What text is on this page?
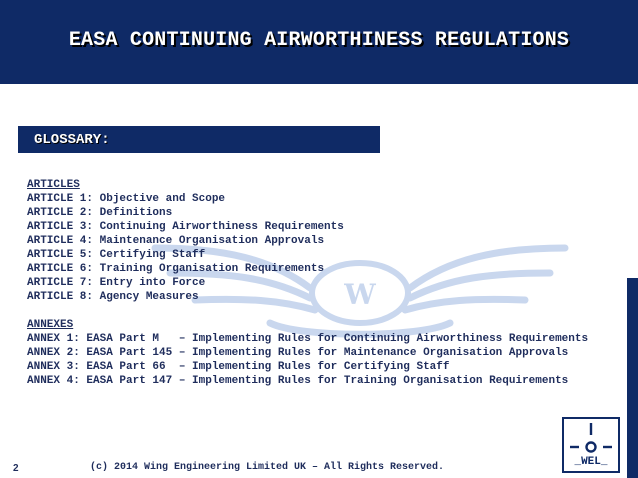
EASA CONTINUING AIRWORTHINESS REGULATIONS
GLOSSARY:
W
ARTICLES
ARTICLE 1: Objective and Scope
ARTICLE 2: Definitions
ARTICLE 3: Continuing Airworthiness Requirements
ARTICLE 4: Maintenance Organisation Approvals
ARTICLE 5: Certifying Staff
ARTICLE 6: Training Organisation Requirements
ARTICLE 7: Entry into Force
ARTICLE 8: Agency Measures
ANNEXES
ANNEX 1: EASA Part M   – Implementing Rules for Continuing Airworthiness Requirements
ANNEX 2: EASA Part 145 – Implementing Rules for Maintenance Organisation Approvals
ANNEX 3: EASA Part 66  – Implementing Rules for Certifying Staff
ANNEX 4: EASA Part 147 – Implementing Rules for Training Organisation Requirements
2	(c) 2014 Wing Engineering Limited UK – All Rights Reserved.	_WEL_
